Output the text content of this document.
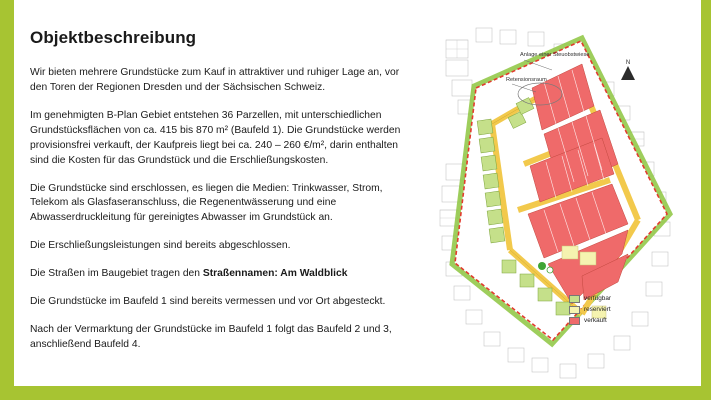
Objektbeschreibung

Wir bieten mehrere Grundstücke zum Kauf in attraktiver und ruhiger Lage an, vor den Toren der Regionen Dresden und der Sächsischen Schweiz.

Im genehmigten B-Plan Gebiet entstehen 36 Parzellen, mit unterschiedlichen Grundstücksflächen von ca. 415 bis 870 m² (Baufeld 1). Die Grundstücke werden provisionsfrei verkauft, der Kaufpreis liegt bei ca. 240 – 260 €/m², darin enthalten sind die Kosten für das Grundstück und die Erschließungskosten.

Die Grundstücke sind erschlossen, es liegen die Medien: Trinkwasser, Strom, Telekom als Glasfaseranschluss, die Regenentwässerung und eine Abwasserdruckleitung für gereinigtes Abwasser im Grundstück an.

Die Erschließungsleistungen sind bereits abgeschlossen.

Die Straßen im Baugebiet tragen den Straßennamen: Am Waldblick

Die Grundstücke im Baufeld 1 sind bereits vermessen und vor Ort abgesteckt.

Nach der Vermarktung der Grundstücke im Baufeld 1 folgt das Baufeld 2 und 3, anschließend Baufeld 4.

N
Anlage einer Steuobstwiese
Retensionsraum
verfügbar
reserviert
verkauft
